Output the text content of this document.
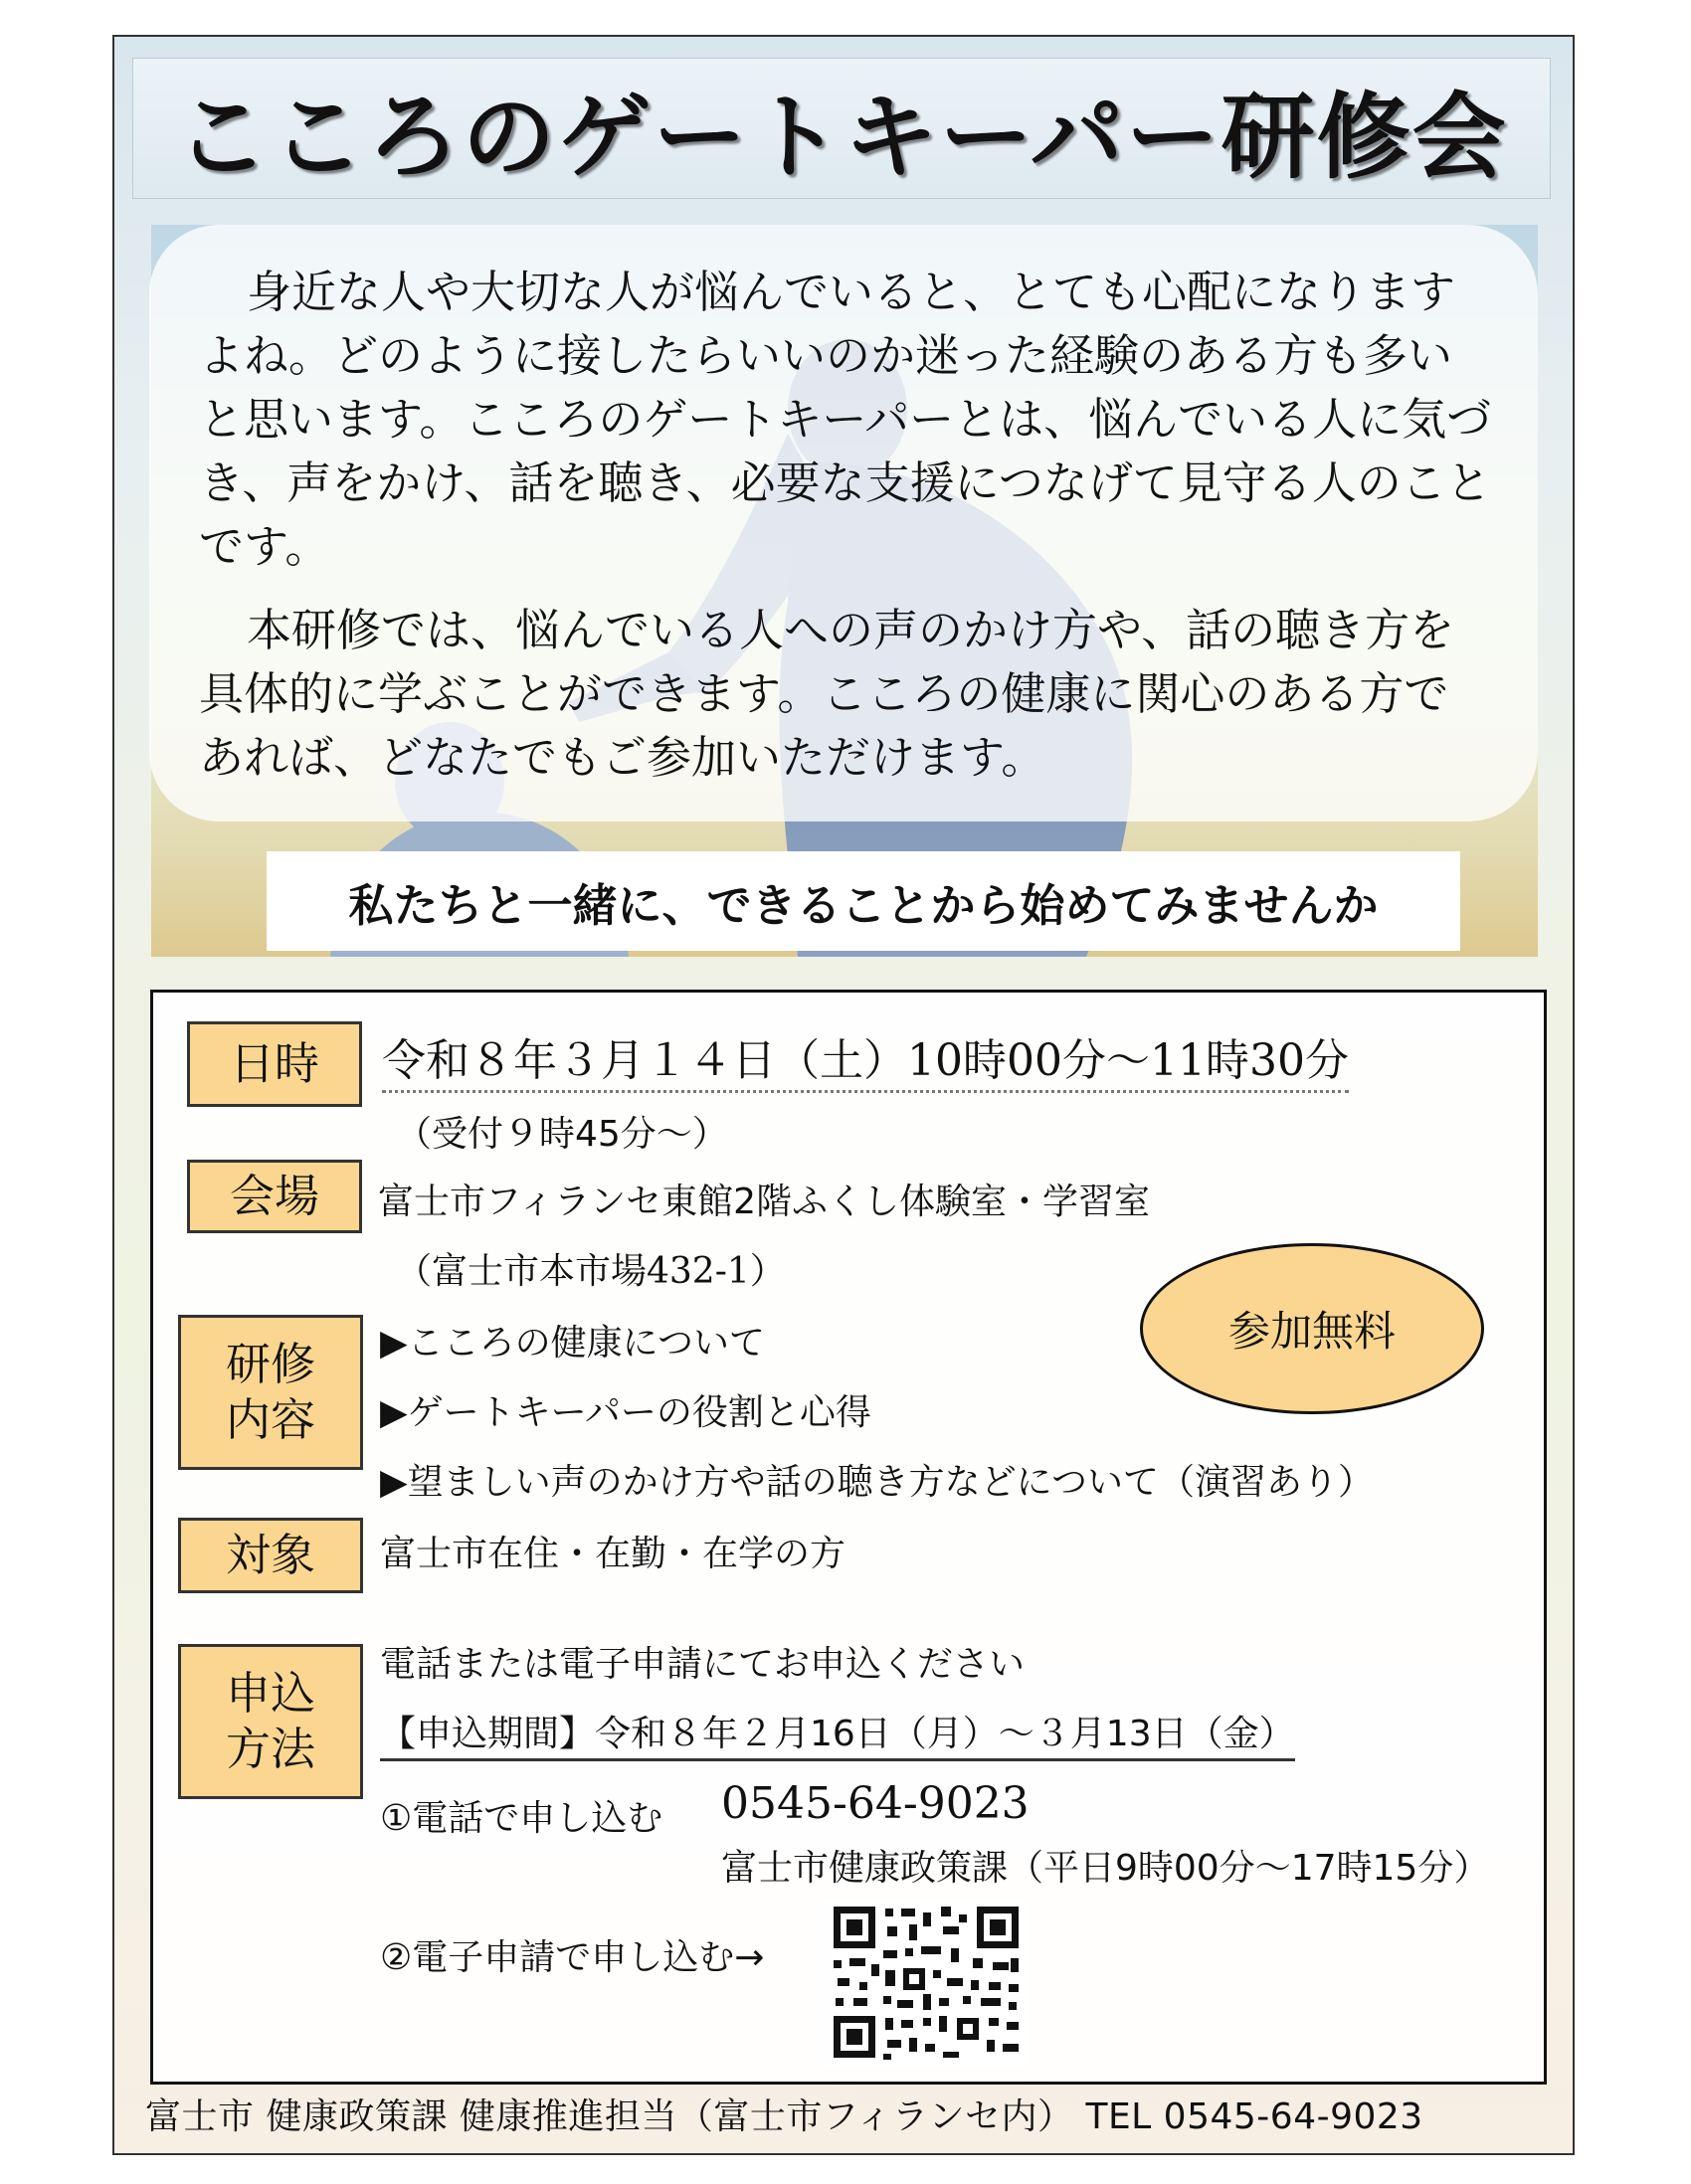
こころのゲートキーパー研修会

身近な人や大切な人が悩んでいると、とても心配になりますよね。どのように接したらいいのか迷った経験のある方も多いと思います。こころのゲートキーパーとは、悩んでいる人に気づき、声をかけ、話を聴き、必要な支援につなげて見守る人のことです。

本研修では、悩んでいる人への声のかけ方や、話の聴き方を具体的に学ぶことができます。こころの健康に関心のある方であれば、どなたでもご参加いただけます。

私たちと一緒に、できることから始めてみませんか
日時 令和８年３月１４日（土）10時00分～11時30分
（受付９時45分～）
会場 富士市フィランセ東館2階ふくし体験室・学習室
（富士市本市場432-1）
参加無料
研修
内容
▶こころの健康について
▶ゲートキーパーの役割と心得
▶望ましい声のかけ方や話の聴き方などについて（演習あり）
対象 富士市在住・在勤・在学の方
申込
方法
電話または電子申請にてお申込ください
【申込期間】令和８年２月16日（月）～３月13日（金）
①電話で申し込む 0545-64-9023
富士市健康政策課（平日9時00分～17時15分）
②電子申請で申し込む→
富士市 健康政策課 健康推進担当（富士市フィランセ内） TEL 0545-64-9023
